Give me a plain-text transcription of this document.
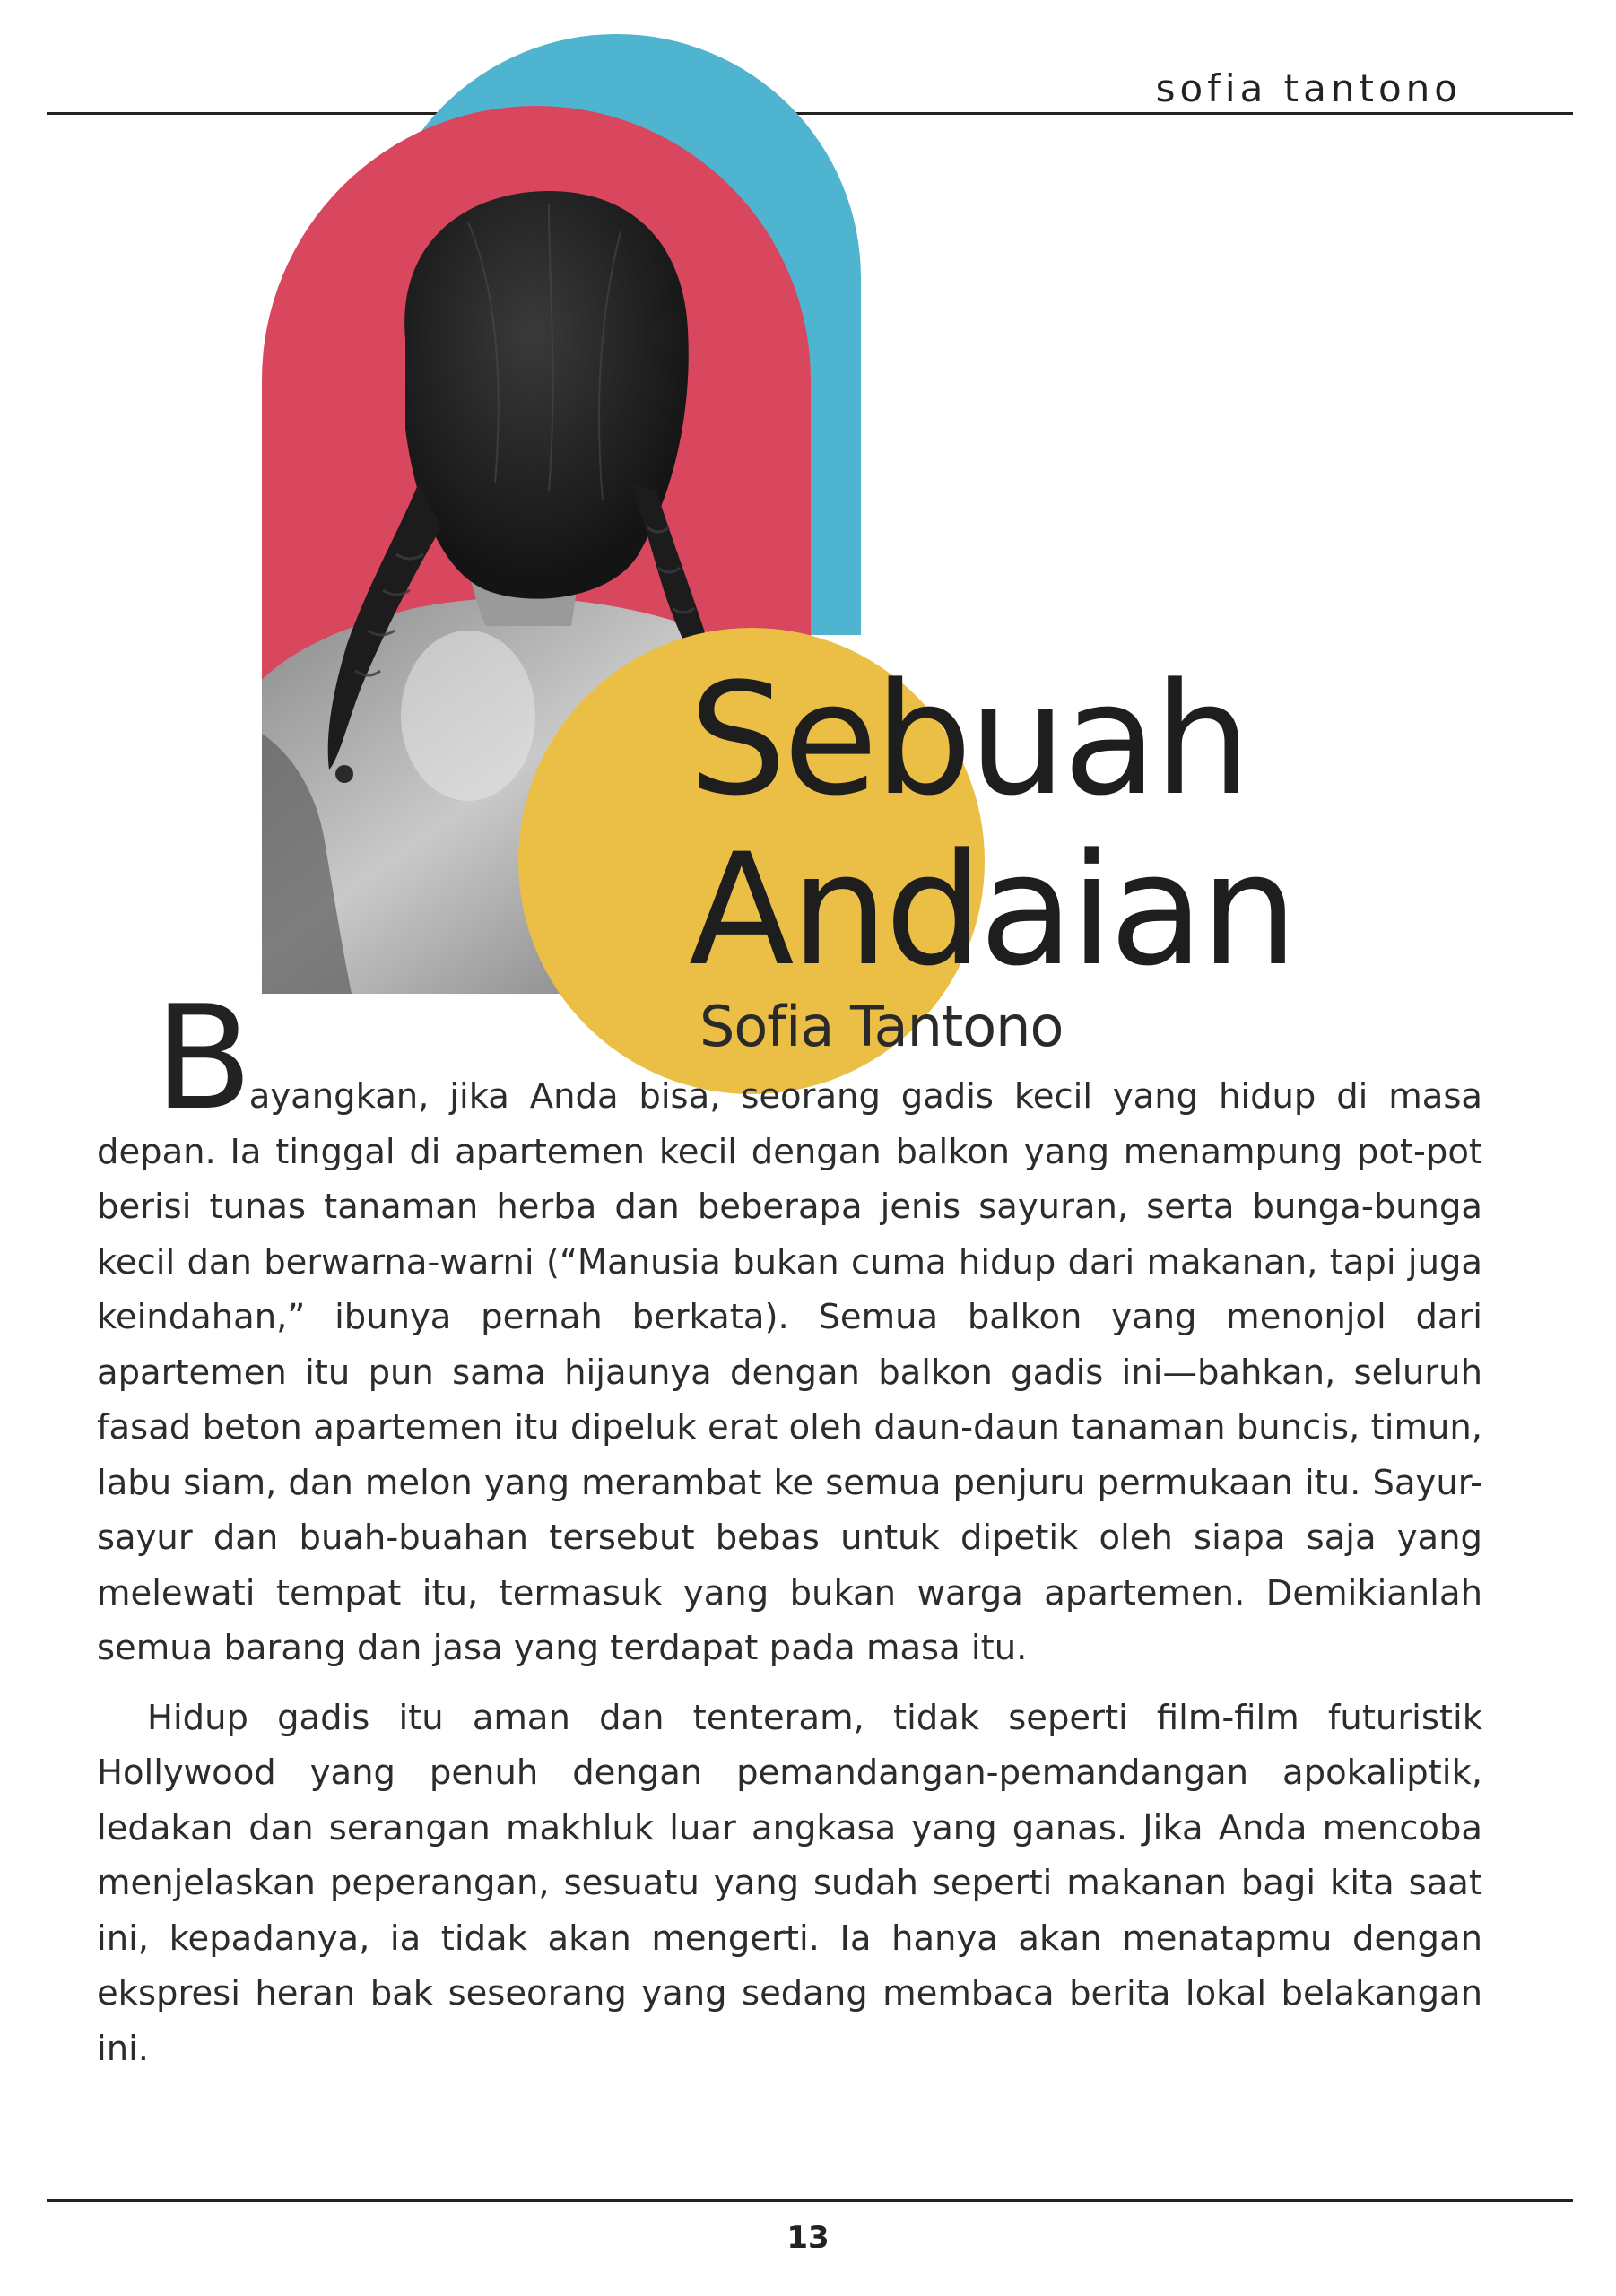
sofia tantono
Sebuah
Andaian
Sofia Tantono

Bayangkan, jika Anda bisa, seorang gadis kecil yang hidup di masa depan. Ia tinggal di apartemen kecil dengan balkon yang menampung pot-pot berisi tunas tanaman herba dan beberapa jenis sayuran, serta bunga-bunga kecil dan berwarna-warni (“Manusia bukan cuma hidup dari makanan, tapi juga keindahan,” ibunya pernah berkata). Semua balkon yang menonjol dari apartemen itu pun sama hijaunya dengan balkon gadis ini—bahkan, seluruh fasad beton apartemen itu dipeluk erat oleh daun-daun tanaman buncis, timun, labu siam, dan melon yang merambat ke semua penjuru permukaan itu. Sayur-sayur dan buah-buahan tersebut bebas untuk dipetik oleh siapa saja yang melewati tempat itu, termasuk yang bukan warga apartemen. Demikianlah semua barang dan jasa yang terdapat pada masa itu.

Hidup gadis itu aman dan tenteram, tidak seperti film-film futuristik Hollywood yang penuh dengan pemandangan-pemandangan apokaliptik, ledakan dan serangan makhluk luar angkasa yang ganas. Jika Anda mencoba menjelaskan peperangan, sesuatu yang sudah seperti makanan bagi kita saat ini, kepadanya, ia tidak akan mengerti. Ia hanya akan menatapmu dengan ekspresi heran bak seseorang yang sedang membaca berita lokal belakangan ini.

13
